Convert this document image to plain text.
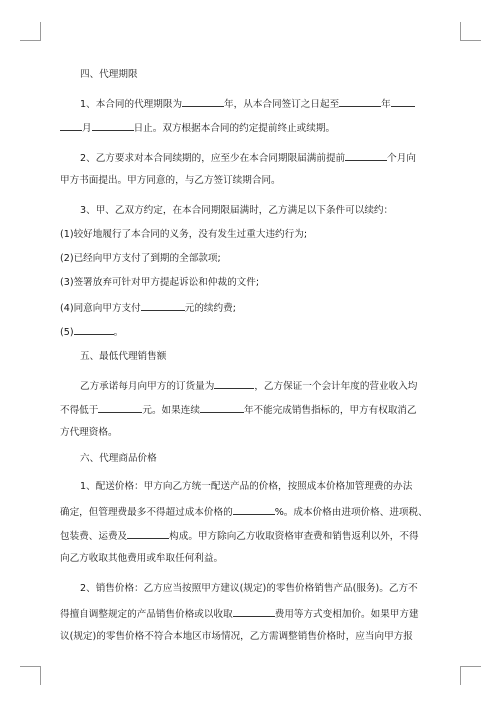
四、代理期限
1、本合同的代理期限为	年，从本合同签订之日起至	年
月	日止。双方根据本合同的约定提前终止或续期。
2、乙方要求对本合同续期的，应至少在本合同期限届满前提前	个月向
甲方书面提出。甲方同意的，与乙方签订续期合同。
3、甲、乙双方约定，在本合同期限届满时，乙方满足以下条件可以续约：
(1)较好地履行了本合同的义务，没有发生过重大违约行为;
(2)已经向甲方支付了到期的全部款项;
(3)签署放弃可针对甲方提起诉讼和仲裁的文件;
(4)同意向甲方支付	元的续约费;
(5)	。
五、最低代理销售额
乙方承诺每月向甲方的订货量为	，乙方保证一个会计年度的营业收入均
不得低于	元。如果连续	年不能完成销售指标的，甲方有权取消乙
方代理资格。
六、代理商品价格
1、配送价格：甲方向乙方统一配送产品的价格，按照成本价格加管理费的办法
确定，但管理费最多不得超过成本价格的	%。成本价格由进项价格、进项税、
包装费、运费及	构成。甲方除向乙方收取资格审查费和销售返利以外，不得
向乙方收取其他费用或牟取任何利益。
2、销售价格：乙方应当按照甲方建议(规定)的零售价格销售产品(服务)。乙方不
得擅自调整规定的产品销售价格或以收取	费用等方式变相加价。如果甲方建
议(规定)的零售价格不符合本地区市场情况，乙方需调整销售价格时，应当向甲方报
